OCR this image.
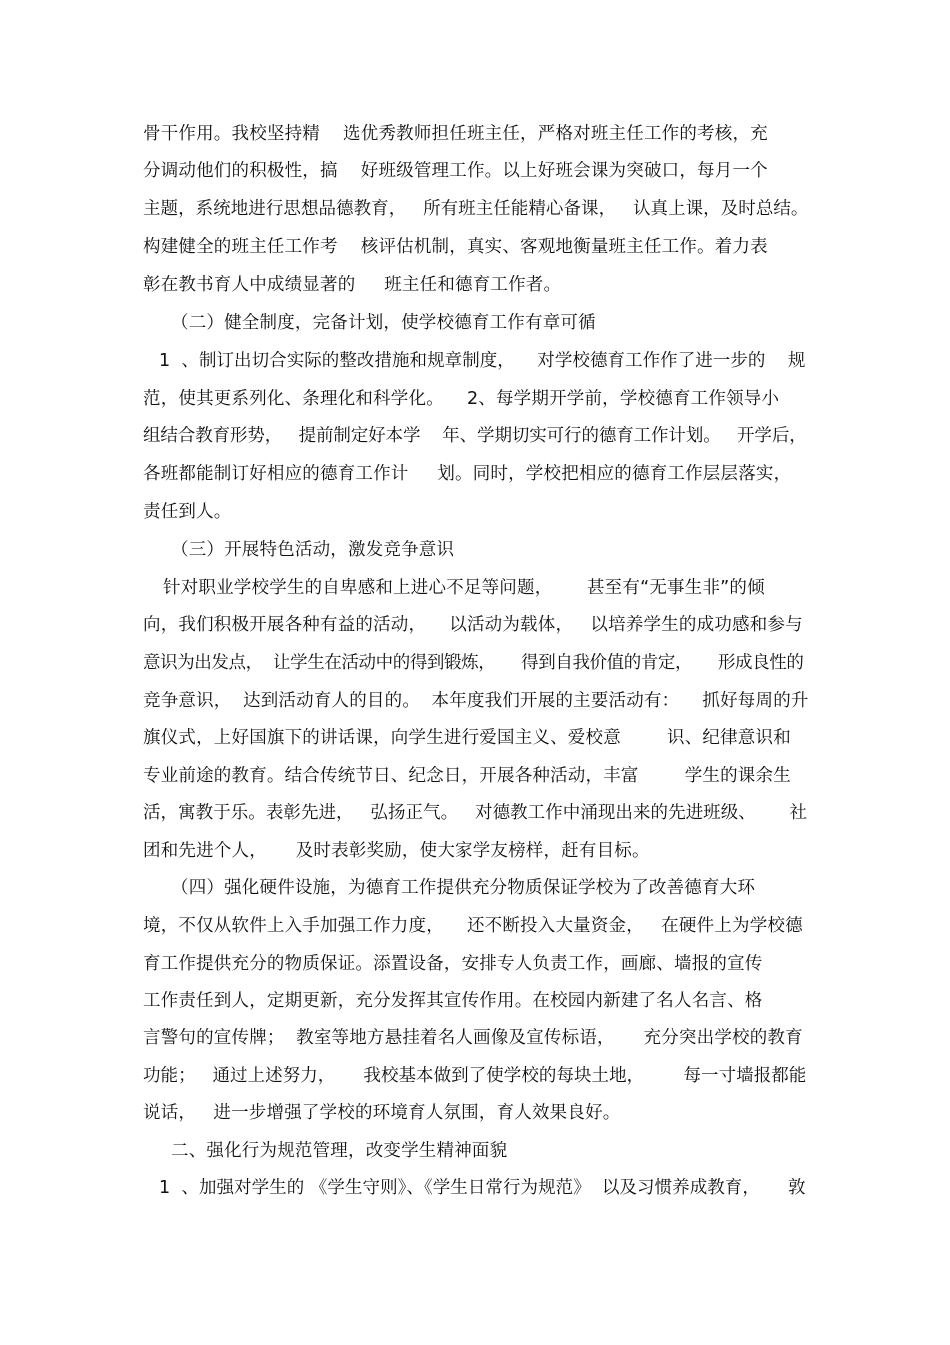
骨干作用。我校坚持精    选优秀教师担任班主任，严格对班主任工作的考核，充
分调动他们的积极性，搞    好班级管理工作。以上好班会课为突破口，每月一个
主题，系统地进行思想品德教育，   所有班主任能精心备课，   认真上课，及时总结。
构建健全的班主任工作考    核评估机制，真实、客观地衡量班主任工作。着力表
彰在教书育人中成绩显著的     班主任和德育工作者。
（二）健全制度，完备计划，使学校德育工作有章可循
1  、制订出切合实际的整改措施和规章制度，    对学校德育工作作了进一步的    规
范，使其更系列化、条理化和科学化。    2、每学期开学前，学校德育工作领导小
组结合教育形势，   提前制定好本学    年、学期切实可行的德育工作计划。   开学后，
各班都能制订好相应的德育工作计     划。同时，学校把相应的德育工作层层落实，
责任到人。
（三）开展特色活动，激发竞争意识
针对职业学校学生的自卑感和上进心不足等问题，      甚至有“无事生非”的倾
向，我们积极开展各种有益的活动，    以活动为载体，   以培养学生的成功感和参与
意识为出发点，  让学生在活动中的得到锻炼，     得到自我价值的肯定，     形成良性的
竞争意识，  达到活动育人的目的。  本年度我们开展的主要活动有：    抓好每周的升
旗仪式，上好国旗下的讲话课，向学生进行爱国主义、爱校意        识、纪律意识和
专业前途的教育。结合传统节日、纪念日，开展各种活动，丰富        学生的课余生
活，寓教于乐。表彰先进，   弘扬正气。   对德教工作中涌现出来的先进班级、      社
团和先进个人，     及时表彰奖励，使大家学友榜样，赶有目标。
（四）强化硬件设施，为德育工作提供充分物质保证学校为了改善德育大环
境，不仅从软件上入手加强工作力度，    还不断投入大量资金，   在硬件上为学校德
育工作提供充分的物质保证。添置设备，安排专人负责工作，画廊、墙报的宣传
工作责任到人，定期更新，充分发挥其宣传作用。在校园内新建了名人名言、格
言警句的宣传牌；  教室等地方悬挂着名人画像及宣传标语，     充分突出学校的教育
功能；   通过上述努力，     我校基本做到了使学校的每块土地，       每一寸墙报都能
说话，   进一步增强了学校的环境育人氛围，育人效果良好。
二、强化行为规范管理，改变学生精神面貌
1  、加强对学生的 《学生守则》、《学生日常行为规范》  以及习惯养成教育，     敦
